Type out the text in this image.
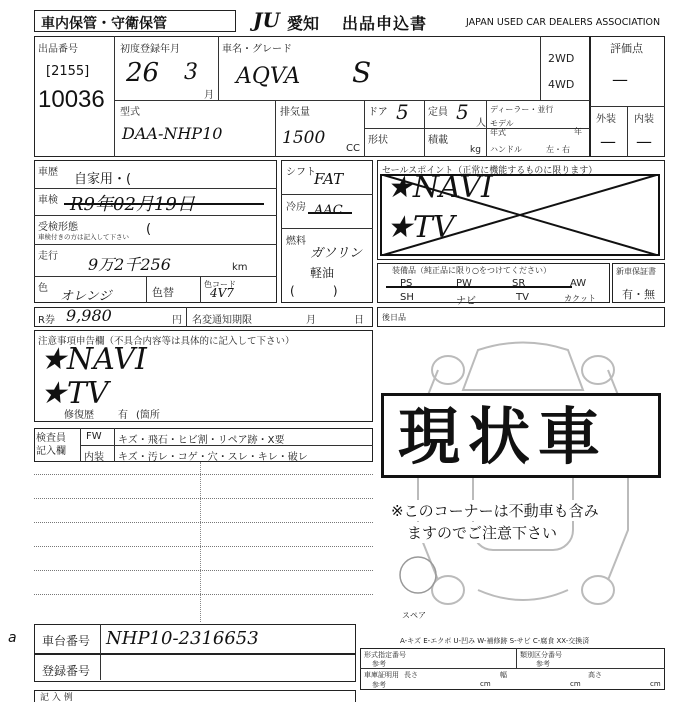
車内保管・守衛保管	JU 愛知 出品申込書	JAPAN USED CAR DEALERS ASSOCIATION
出品番号
[2155]
10036
初度登録年月
26 3
月
車名・グレード
AQVA S	2WD
4WD
評価点
—
外装 内装
— —
型式
DAA-NHP10
排気量
1500
CC
ドア 5 定員 5 人
形状	積載
kg
ディーラー・並行
モデル
年式	年
ハンドル	左・右
車歴 自家用・(
車検 R9年02月19日
受検形態
車検付きの方は記入して下さい (
走行 9万2千256	km
色
オレンジ	色替
色コード
4V7
シフト
FAT
冷房 AAC
燃料
ガソリン
軽油
(          )
セールスポイント（正常に機能するものに限ります）
★NAVI
★TV
装備品（純正品に限り○をつけてください）
PS	PW	SR	AW
SH	ナビ	TV	カクット
新車保証書
有・無
R券 9,980	円 名変通知期限	月	日 後日品
注意事項申告欄（不具合内容等は具体的に記入して下さい）
★NAVI
★TV
修復歴 有 (箇所
検査員
記入欄
FW キズ・飛石・ヒビ割・リペア跡・X要
内装 キズ・汚レ・コゲ・穴・スレ・キレ・破レ 現状車
※このコーナーは不動車も含み
ますのでご注意下さい
スペア
車台番号 NHP10-2316653
a
登録番号
A-キズ E-エクボ U-凹み W-補修跡 S-サビ C-腐食 XX-交換済
形式指定番号
参考
類別区分番号
参考
車庫証明用
参考
長さ
cm
幅
cm
高さ
cm
記 入 例
